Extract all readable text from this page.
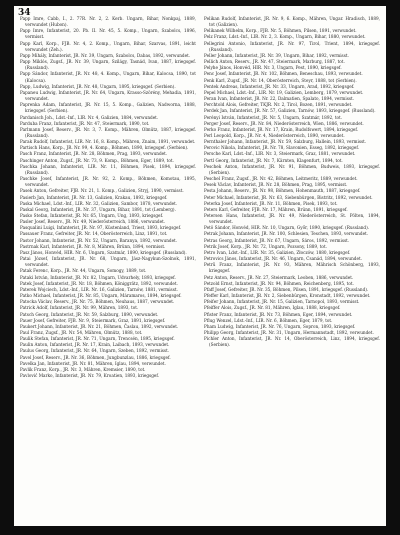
34
Papp Imre, Cabb, I., 2. 77R. Nr. 2, 2. Kerb. Ungarn, Bihar, Nonkpaj, 1889, verwundet (Hubon).
Papp Imre, Infanterist, 20. Pb. II. Nr. 45, 5. Komp., Ungarn, Szabolcs, 1896, vermisst.
Papp Karl, Korp., FJB. Nr. 4, 2. Komp., Ungarn, Bihar, Szarvas, 1891, leicht verwundet (Zeh.).
Papp Mihály, Infanterist, JR. Nr. 39, Ungarn, Szabolcs, Dabas, 1892, verwundet.
Papp Miklós, Zugsf., JR. Nr. 39, Ungarn, Szilágy, Tasnád, Ivan, 1887, kriegsgef. (Russland).
Papp Sándor, Infanterist, JR. Nr. 48, 4. Komp., Ungarn, Bihar, Kalocsa, 1890, tot (Kalocsa).
Papp, Ludwig, Infanterist, JR. Nr. 48, Ungarn, 1895, kriegsgef. (Serbien).
Papaneu Ludwig, Infanterist, JR. Nr. 64, Ungarn, Krasso-Szörény, Mehadia, 1891, verwundet.
Paprenka Adam, Infanterist, JR. Nr. 15, 5. Komp., Galizien, Nadworna, 1888, kriegsgef. (Serbien).
Pardanisch Joh., Ldst.-Inf., LIR. Nr. 4, Galizien, 1884, verwundet.
Parduba Franz, Infanterist, JR. Nr. 47, Steiermark, 1890, tot.
Parlmann Josef, Reserv., JR. Nr. 3, 7. Komp., Mähren, Olmütz, 1887, kriegsgef. (Russland).
Parak Rudolf, Infanterist, LIR. Nr. 16, 8. Komp., Mähren, Znaim, 1891, verwundet.
Partisch Hans, Korp., JR. Nr. 99, 4. Komp., Böhmen, 1890, kriegsgef. (Serbien).
Pasch Franz, Infanterist, JR. Nr. 28, Böhmen, Prag, 1893, verwundet.
Paschinger Anton, Zugsf., JR. Nr. 73, 9. Komp., Böhmen, Eger, 1889, tot.
Paschka Johann, Infanterist, LIR. Nr. 11, Böhmen, Pisek, 1894, kriegsgef. (Russland).
Paschke Josef, Infanterist, JR. Nr. 92, 2. Komp., Böhmen, Komotau, 1895, verwundet.
Pasek Anton, Gefreiter, FJB. Nr. 21, 1. Komp., Galizien, Stryj, 1890, vermisst.
Pasierb Jan, Infanterist, JR. Nr. 13, Galizien, Krakau, 1892, kriegsgef.
Paska Michael, Ldst.-Inf., LIR. Nr. 32, Galizien, Sambor, 1878, verwundet.
Paskal Georg, Infanterist, JR. Nr. 37, Ungarn, Bihar, 1891, tot (Lemberg).
Pasko Stefan, Infanterist, JR. Nr. 65, Ungarn, Ung, 1893, kriegsgef.
Pasler Josef, Reserv., JR. Nr. 49, Niederösterreich, 1886, verwundet.
Pasqualini Luigi, Infanterist, JR. Nr. 97, Küstenland, Triest, 1893, kriegsgef.
Passauer Franz, Gefreiter, JR. Nr. 14, Oberösterreich, Linz, 1891, tot.
Pastor Johann, Infanterist, JR. Nr. 52, Ungarn, Baranya, 1892, verwundet.
Pastrnak Karl, Infanterist, JR. Nr. 8, Mähren, Brünn, 1894, vermisst.
Pasz János, Honvéd, HIR. Nr. 6, Ungarn, Szatmár, 1890, kriegsgef. (Russland).
Patai József, Infanterist, JR. Nr. 68, Ungarn, Jász-Nagykun-Szolnok, 1891, verwundet.
Patak Ferenc, Korp., JR. Nr. 44, Ungarn, Somogy, 1889, tot.
Pataki István, Infanterist, JR. Nr. 82, Ungarn, Udvarhely, 1893, kriegsgef.
Patek Josef, Infanterist, JR. Nr. 18, Böhmen, Königgrätz, 1892, verwundet.
Paterek Wojciech, Ldst.-Inf., LIR. Nr. 16, Galizien, Tarnów, 1881, vermisst.
Patko Michael, Infanterist, JR. Nr. 85, Ungarn, Máramaros, 1894, kriegsgef.
Patocka Václav, Reserv., JR. Nr. 75, Böhmen, Neuhaus, 1887, verwundet.
Patrick Adolf, Infanterist, JR. Nr. 99, Mähren, 1893, tot.
Patsch Georg, Infanterist, JR. Nr. 59, Salzburg, 1890, verwundet.
Pauer Josef, Gefreiter, FJB. Nr. 9, Steiermark, Graz, 1891, kriegsgef.
Paukert Johann, Infanterist, JR. Nr. 21, Böhmen, Časlau, 1892, verwundet.
Paul Franz, Zugsf., JR. Nr. 54, Mähren, Olmütz, 1888, tot.
Paulik Stefan, Infanterist, JR. Nr. 71, Ungarn, Trencsén, 1895, kriegsgef.
Paulin Anton, Infanterist, JR. Nr. 17, Krain, Laibach, 1893, verwundet.
Paulus Georg, Infanterist, JR. Nr. 64, Ungarn, Szeben, 1892, vermisst.
Pavel Josef, Reserv., JR. Nr. 36, Böhmen, Jungbunzlau, 1886, kriegsgef.
Pavelka Jan, Infanterist, JR. Nr. 81, Mähren, Iglau, 1894, verwundet.
Pavlik Franz, Korp., JR. Nr. 3, Mähren, Kremsier, 1890, tot.
Pavlović Marko, Infanterist, JR. Nr. 79, Kroatien, 1893, kriegsgef.
Pelikan Rudolf, Infanterist, JR. Nr. 9, 6. Komp., Mähren, Ungar. Hradisch, 1889, tot (Galizien).
Pelikanek Wilhelm, Korp., FJB. Nr. 5, Böhmen, Pilsen, 1891, verwundet.
Pelz Franz, Ldst.-Inf., LIR. Nr. 2, 3. Komp., Ungarn, Bihar, 1880, verwundet.
Pellegrini Antonio, Infanterist, JR. Nr. 97, Tirol, Trient, 1894, kriegsgef. (Russland).
Peller Johann, Infanterist, JR. Nr. 39, Ungarn, Bihar, 1892, vermisst.
Pellich Anton, Reserv., JR. Nr. 47, Steiermark, Marburg, 1887, tot.
Pelyhe János, Honvéd, HIR. Nr. 3, Ungarn, Pest, 1890, kriegsgef.
Penc Josef, Infanterist, JR. Nr. 102, Böhmen, Beneschau, 1893, verwundet.
Penk Karl, Zugsf., JR. Nr. 14, Oberösterreich, Steyr, 1888, tot (Serbien).
Pentek Andreas, Infanterist, JR. Nr. 33, Ungarn, Arad, 1892, kriegsgef.
Pepel Michael, Ldst.-Inf., LIR. Nr. 19, Galizien, Lemberg, 1879, verwundet.
Peran Ivan, Infanterist, JR. Nr. 22, Dalmatien, Spalato, 1894, vermisst.
Perchtold Alois, Gefreiter, TKJR. Nr. 2, Tirol, Bozen, 1891, verwundet.
Perdek Jan, Infanterist, JR. Nr. 57, Galizien, Tarnów, 1893, kriegsgef. (Russland).
Perényi István, Infanterist, JR. Nr. 5, Ungarn, Szatmár, 1892, tot.
Perger Josef, Reserv., JR. Nr. 84, Niederösterreich, Wien, 1886, verwundet.
Perko Franz, Infanterist, JR. Nr. 17, Krain, Rudolfswert, 1894, kriegsgef.
Perl Leopold, Korp., JR. Nr. 4, Niederösterreich, 1890, verwundet.
Pernthaler Johann, Infanterist, JR. Nr. 59, Salzburg, Hallein, 1893, vermisst.
Perovic Nikola, Infanterist, JR. Nr. 78, Slavonien, Esseg, 1892, kriegsgef.
Persche Karl, Ldst.-Inf., LIR. Nr. 3, Steiermark, Graz, 1881, verwundet.
Pertl Georg, Infanterist, JR. Nr. 7, Kärnten, Klagenfurt, 1894, tot.
Peschek Anton, Infanterist, JR. Nr. 91, Böhmen, Budweis, 1893, kriegsgef. (Serbien).
Peschel Franz, Zugsf., JR. Nr. 42, Böhmen, Leitmeritz, 1889, verwundet.
Pesek Václav, Infanterist, JR. Nr. 28, Böhmen, Prag, 1895, vermisst.
Pesta Johann, Reserv., JR. Nr. 98, Böhmen, Hohenmauth, 1887, kriegsgef.
Peter Michael, Infanterist, JR. Nr. 63, Siebenbürgen, Bistritz, 1892, verwundet.
Peterka Josef, Infanterist, JR. Nr. 11, Böhmen, Pisek, 1893, tot.
Peters Karl, Gefreiter, FJB. Nr. 17, Mähren, Brünn, 1891, kriegsgef.
Petersen Hans, Infanterist, JR. Nr. 49, Niederösterreich, St. Pölten, 1894, verwundet.
Petö Sándor, Honvéd, HIR. Nr. 10, Ungarn, Győr, 1890, kriegsgef. (Russland).
Petrak Johann, Infanterist, JR. Nr. 100, Schlesien, Teschen, 1893, verwundet.
Petras Georg, Infanterist, JR. Nr. 67, Ungarn, Sáros, 1892, vermisst.
Petrik Josef, Korp., JR. Nr. 72, Ungarn, Pozsony, 1889, tot.
Petro Ivan, Ldst.-Inf., LIR. Nr. 35, Galizien, Złoczów, 1880, kriegsgef.
Petrovics János, Infanterist, JR. Nr. 46, Ungarn, Csanád, 1894, verwundet.
Petrů Franz, Infanterist, JR. Nr. 93, Mähren, Mährisch Schönberg, 1893, kriegsgef.
Petz Anton, Reserv., JR. Nr. 27, Steiermark, Leoben, 1886, verwundet.
Petzold Ernst, Infanterist, JR. Nr. 94, Böhmen, Reichenberg, 1895, tot.
Pfaff Josef, Gefreiter, JR. Nr. 35, Böhmen, Pilsen, 1891, kriegsgef. (Russland).
Pfeffer Karl, Infanterist, JR. Nr. 2, Siebenbürgen, Kronstadt, 1892, verwundet.
Pfeifer Johann, Infanterist, JR. Nr. 15, Galizien, Tarnopol, 1893, vermisst.
Pfeiffer Alois, Zugsf., JR. Nr. 81, Mähren, Iglau, 1888, kriegsgef.
Pfister Franz, Infanterist, JR. Nr. 73, Böhmen, Eger, 1894, verwundet.
Pflug Wenzel, Ldst.-Inf., LIR. Nr. 6, Böhmen, Eger, 1879, tot.
Pham Ludwig, Infanterist, JR. Nr. 76, Ungarn, Sopron, 1893, kriegsgef.
Philipp Georg, Infanterist, JR. Nr. 31, Ungarn, Hermannstadt, 1892, verwundet.
Pichler Anton, Infanterist, JR. Nr. 14, Oberösterreich, Linz, 1894, kriegsgef. (Serbien).
